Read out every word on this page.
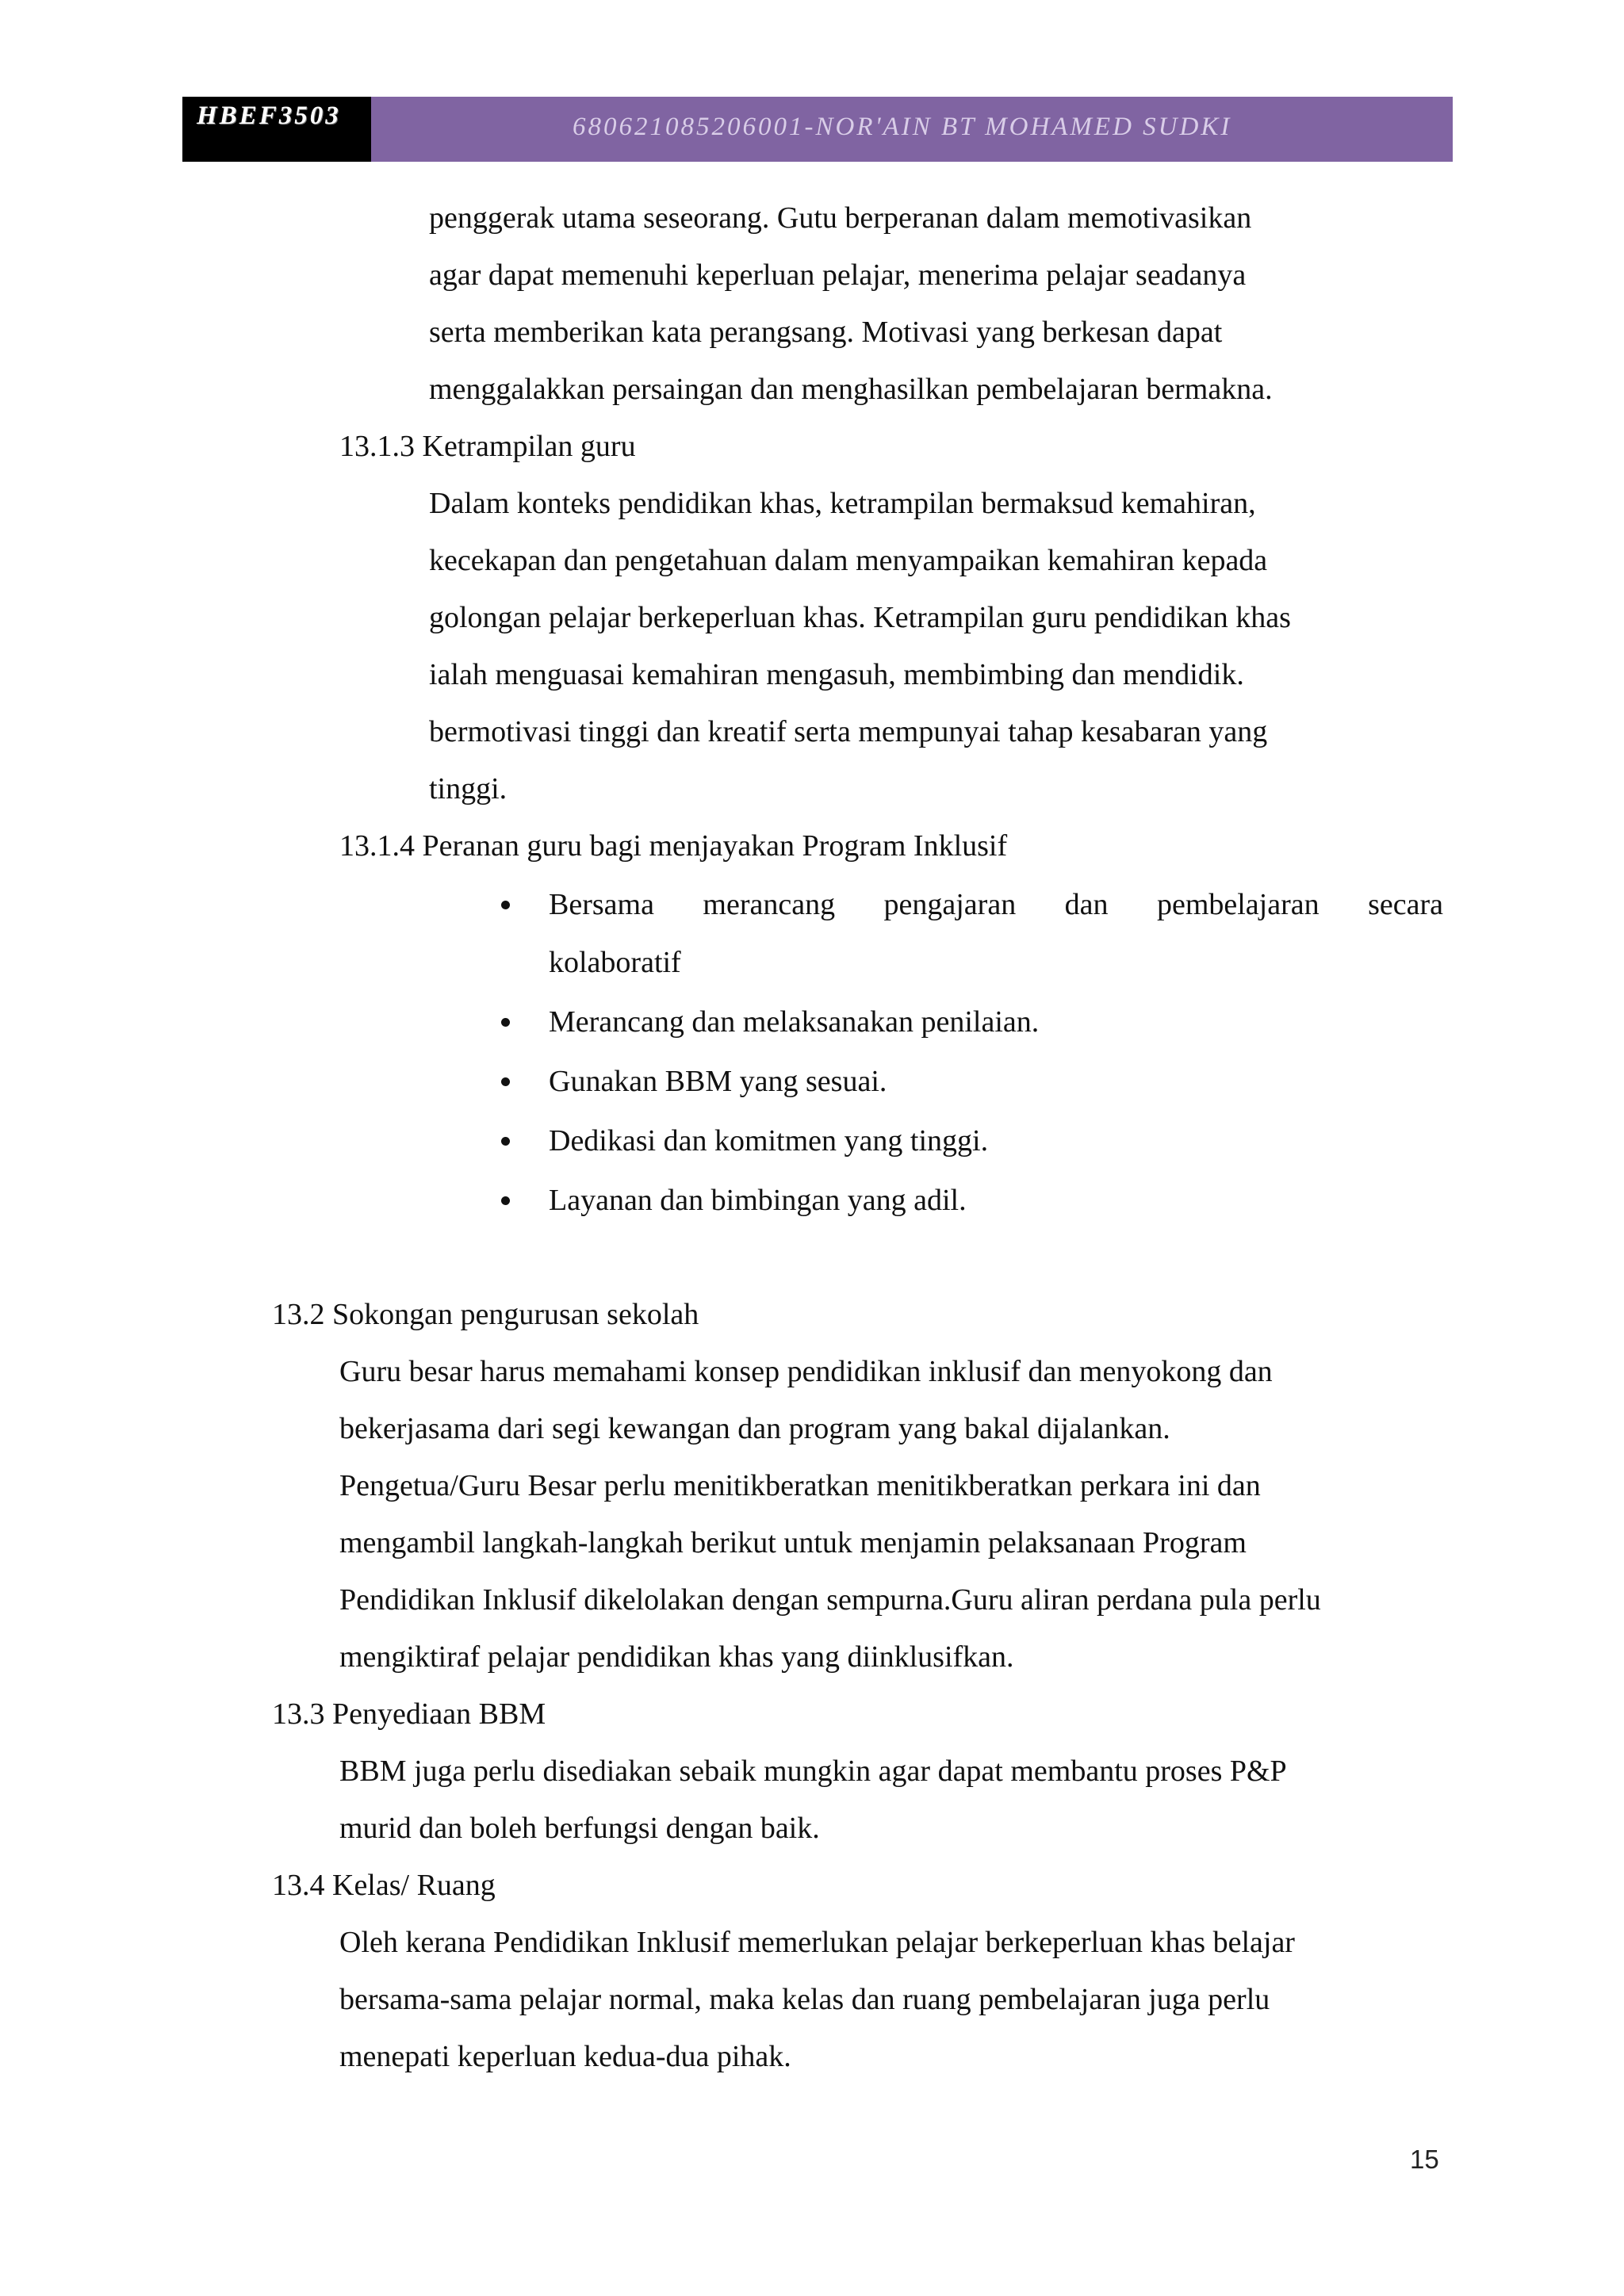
HBEF3503	680621085206001-NOR'AIN BT MOHAMED SUDKI
penggerak utama seseorang. Gutu berperanan dalam memotivasikan
agar dapat memenuhi keperluan pelajar, menerima pelajar seadanya
serta memberikan kata perangsang. Motivasi yang berkesan dapat
menggalakkan persaingan dan menghasilkan pembelajaran bermakna.
13.1.3 Ketrampilan guru
Dalam konteks pendidikan khas, ketrampilan bermaksud kemahiran,
kecekapan dan pengetahuan dalam menyampaikan kemahiran kepada
golongan pelajar berkeperluan khas. Ketrampilan guru pendidikan khas
ialah menguasai kemahiran mengasuh, membimbing dan mendidik.
bermotivasi tinggi dan kreatif serta mempunyai tahap kesabaran yang
tinggi.
13.1.4 Peranan guru bagi menjayakan Program Inklusif
Bersama merancang pengajaran dan pembelajaran secara
kolaboratif
Merancang dan melaksanakan penilaian.
Gunakan BBM yang sesuai.
Dedikasi dan komitmen yang tinggi.
Layanan dan bimbingan yang adil.
13.2 Sokongan pengurusan sekolah
Guru besar harus memahami konsep pendidikan inklusif dan menyokong dan
bekerjasama dari segi kewangan dan program yang bakal dijalankan.
Pengetua/Guru Besar perlu menitikberatkan menitikberatkan perkara ini dan
mengambil langkah-langkah berikut untuk menjamin pelaksanaan Program
Pendidikan Inklusif dikelolakan dengan sempurna.Guru aliran perdana pula perlu
mengiktiraf pelajar pendidikan khas yang diinklusifkan.
13.3 Penyediaan BBM
BBM juga perlu disediakan sebaik mungkin agar dapat membantu proses P&P
murid dan boleh berfungsi dengan baik.
13.4 Kelas/ Ruang
Oleh kerana Pendidikan Inklusif memerlukan pelajar berkeperluan khas belajar
bersama-sama pelajar normal, maka kelas dan ruang pembelajaran juga perlu
menepati keperluan kedua-dua pihak.
15
